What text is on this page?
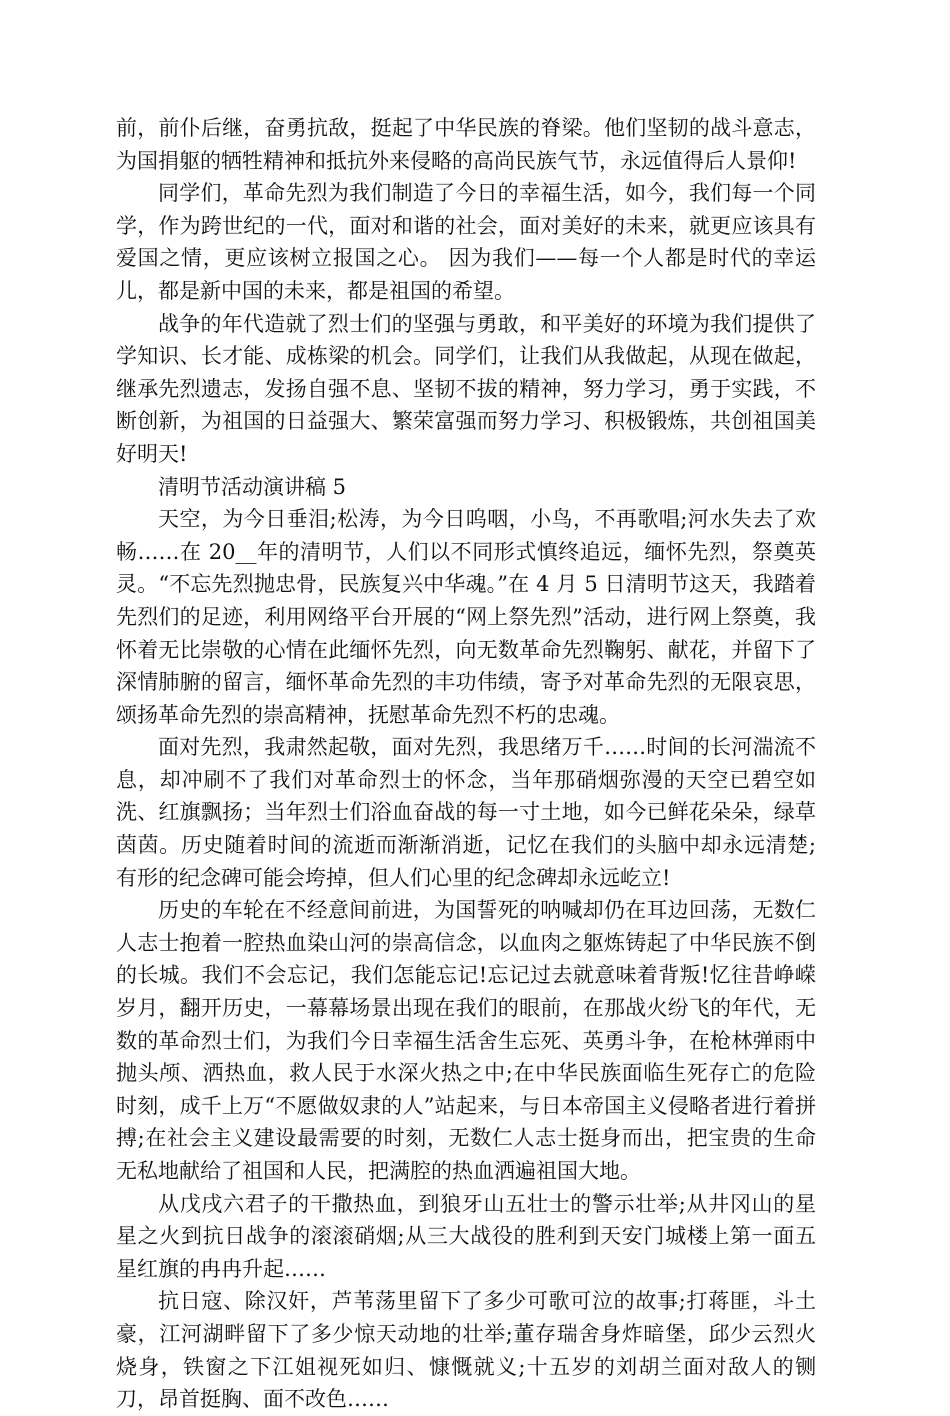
前，前仆后继，奋勇抗敌，挺起了中华民族的脊梁。他们坚韧的战斗意志，为国捐躯的牺牲精神和抵抗外来侵略的高尚民族气节，永远值得后人景仰!

同学们，革命先烈为我们制造了今日的幸福生活，如今，我们每一个同学，作为跨世纪的一代，面对和谐的社会，面对美好的未来，就更应该具有爱国之情，更应该树立报国之心。 因为我们——每一个人都是时代的幸运儿，都是新中国的未来，都是祖国的希望。

战争的年代造就了烈士们的坚强与勇敢，和平美好的环境为我们提供了学知识、长才能、成栋梁的机会。同学们，让我们从我做起，从现在做起，继承先烈遗志，发扬自强不息、坚韧不拔的精神，努力学习，勇于实践，不断创新，为祖国的日益强大、繁荣富强而努力学习、积极锻炼，共创祖国美好明天!

清明节活动演讲稿 5

天空，为今日垂泪;松涛，为今日呜咽，小鸟，不再歌唱;河水失去了欢畅……在 20__年的清明节，人们以不同形式慎终追远，缅怀先烈，祭奠英灵。“不忘先烈抛忠骨，民族复兴中华魂。”在 4 月 5 日清明节这天，我踏着先烈们的足迹，利用网络平台开展的“网上祭先烈”活动，进行网上祭奠，我怀着无比崇敬的心情在此缅怀先烈，向无数革命先烈鞠躬、献花，并留下了深情肺腑的留言，缅怀革命先烈的丰功伟绩，寄予对革命先烈的无限哀思，颂扬革命先烈的崇高精神，抚慰革命先烈不朽的忠魂。

面对先烈，我肃然起敬，面对先烈，我思绪万千……时间的长河湍流不息，却冲刷不了我们对革命烈士的怀念，当年那硝烟弥漫的天空已碧空如洗、红旗飘扬；当年烈士们浴血奋战的每一寸土地，如今已鲜花朵朵，绿草茵茵。历史随着时间的流逝而渐渐消逝，记忆在我们的头脑中却永远清楚;有形的纪念碑可能会垮掉，但人们心里的纪念碑却永远屹立!

历史的车轮在不经意间前进，为国誓死的呐喊却仍在耳边回荡，无数仁人志士抱着一腔热血染山河的崇高信念，以血肉之躯炼铸起了中华民族不倒的长城。我们不会忘记，我们怎能忘记!忘记过去就意味着背叛!忆往昔峥嵘岁月，翻开历史，一幕幕场景出现在我们的眼前，在那战火纷飞的年代，无数的革命烈士们，为我们今日幸福生活舍生忘死、英勇斗争，在枪林弹雨中抛头颅、洒热血，救人民于水深火热之中;在中华民族面临生死存亡的危险时刻，成千上万“不愿做奴隶的人”站起来，与日本帝国主义侵略者进行着拼搏;在社会主义建设最需要的时刻，无数仁人志士挺身而出，把宝贵的生命无私地献给了祖国和人民，把满腔的热血洒遍祖国大地。

从戊戌六君子的干撒热血，到狼牙山五壮士的警示壮举;从井冈山的星星之火到抗日战争的滚滚硝烟;从三大战役的胜利到天安门城楼上第一面五星红旗的冉冉升起……

抗日寇、除汉奸，芦苇荡里留下了多少可歌可泣的故事;打蒋匪，斗土豪，江河湖畔留下了多少惊天动地的壮举;董存瑞舍身炸暗堡，邱少云烈火烧身，铁窗之下江姐视死如归、慷慨就义;十五岁的刘胡兰面对敌人的铡刀，昂首挺胸、面不改色……
